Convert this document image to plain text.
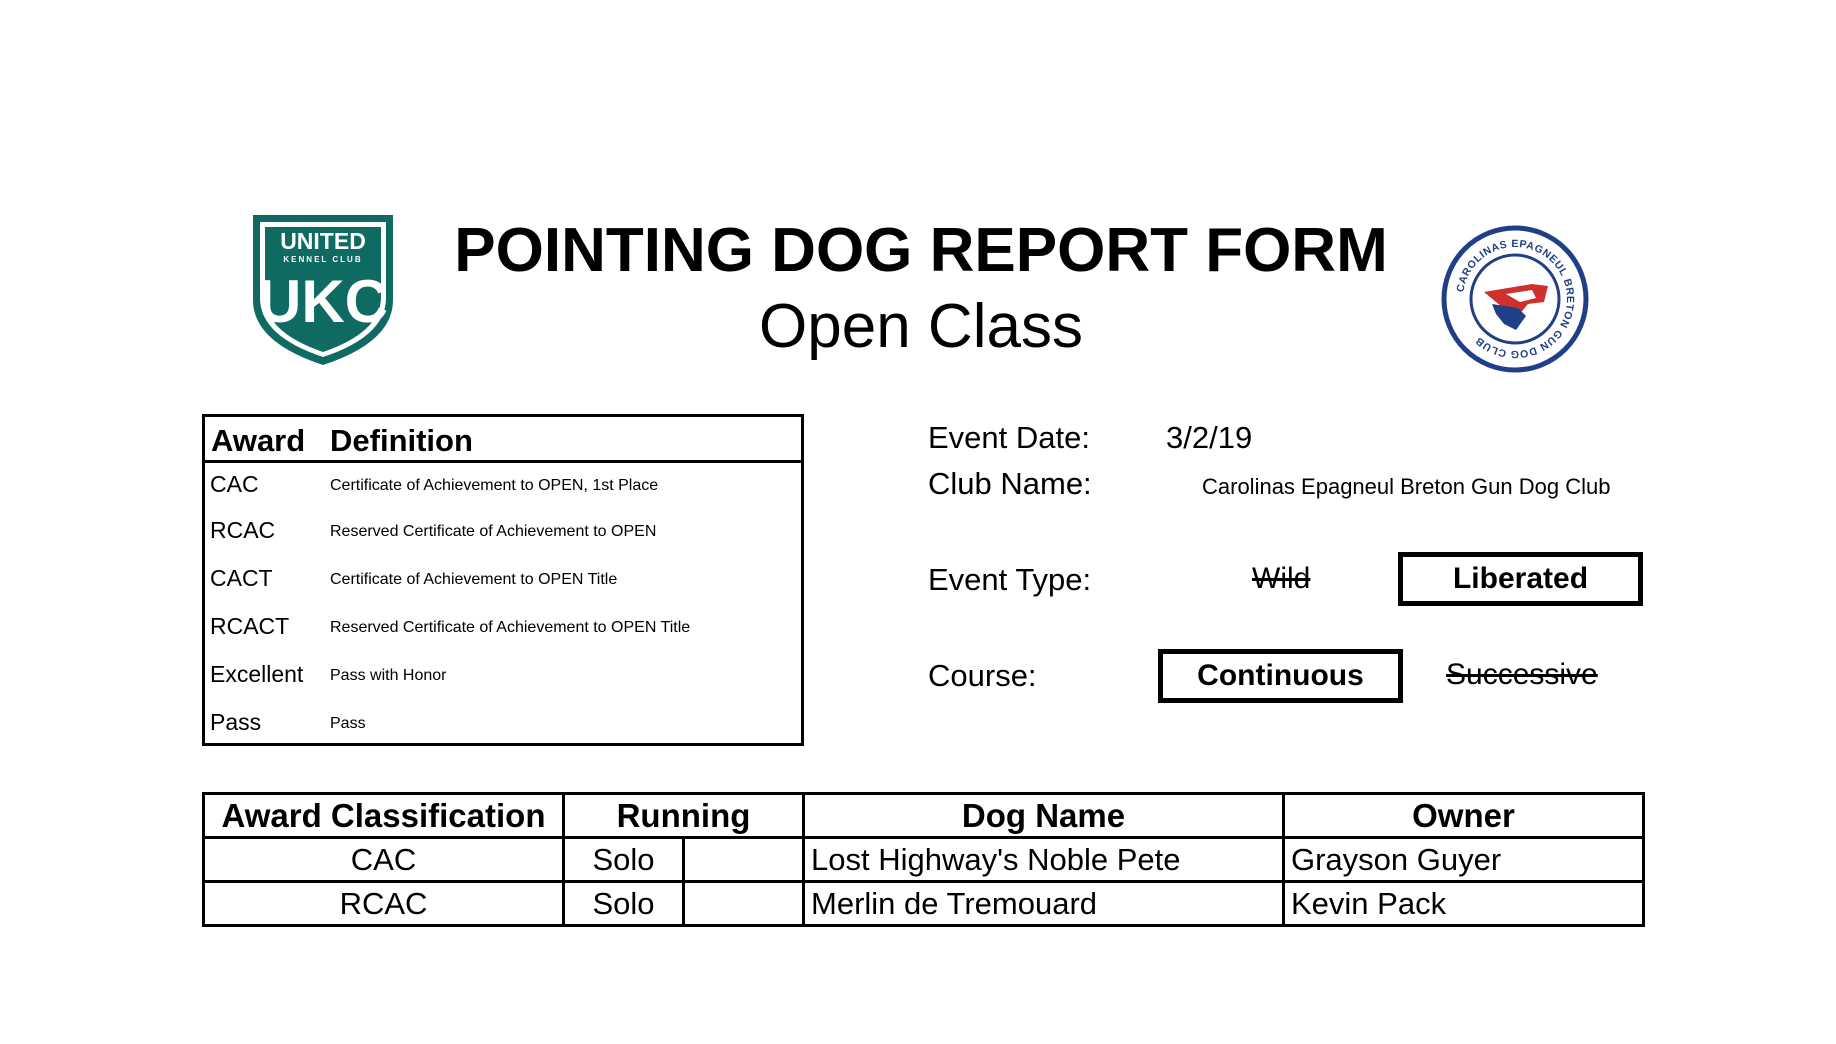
POINTING DOG REPORT FORM
Open Class
UNITED
KENNEL CLUB
UKC	CAROLINAS EPAGNEUL BRETON GUN DOG CLUB
Award Definition
CAC	Certificate of Achievement to OPEN, 1st Place
RCAC	Reserved Certificate of Achievement to OPEN
CACT	Certificate of Achievement to OPEN Title
RCACT	Reserved Certificate of Achievement to OPEN Title
Excellent Pass with Honor
Pass	Pass
Event Date: 3/2/19
Club Name:	Carolinas Epagneul Breton Gun Dog Club
Event Type:	Wild	Liberated
Course:	Continuous	Successive
Award Classification	Running		Dog Name	Owner
CAC	Solo		Lost Highway's Noble Pete	Grayson Guyer
RCAC	Solo		Merlin de Tremouard	Kevin Pack
